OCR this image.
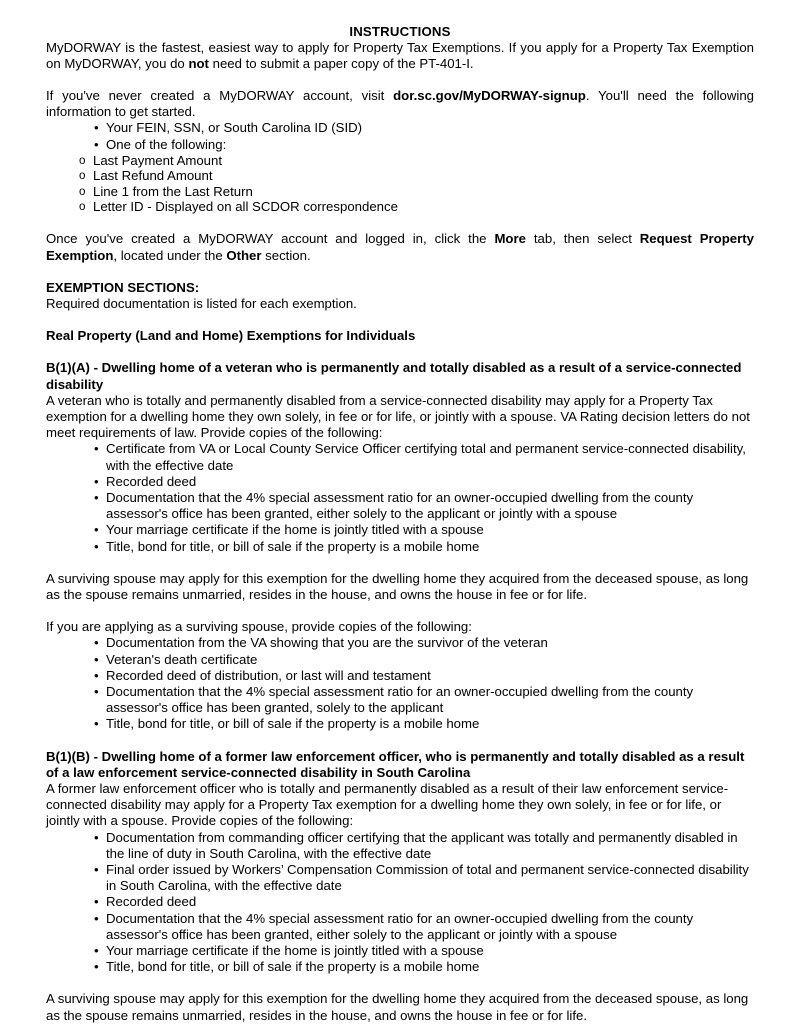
INSTRUCTIONS

MyDORWAY is the fastest, easiest way to apply for Property Tax Exemptions. If you apply for a Property Tax Exemption on MyDORWAY, you do not need to submit a paper copy of the PT-401-I.

If you've never created a MyDORWAY account, visit dor.sc.gov/MyDORWAY-signup. You'll need the following information to get started.

• Your FEIN, SSN, or South Carolina ID (SID)
• One of the following:
o Last Payment Amount
o Last Refund Amount
o Line 1 from the Last Return
o Letter ID - Displayed on all SCDOR correspondence

Once you've created a MyDORWAY account and logged in, click the More tab, then select Request Property Exemption, located under the Other section.

EXEMPTION SECTIONS:

Required documentation is listed for each exemption.

Real Property (Land and Home) Exemptions for Individuals

B(1)(A) - Dwelling home of a veteran who is permanently and totally disabled as a result of a service-connected disability

A veteran who is totally and permanently disabled from a service-connected disability may apply for a Property Tax exemption for a dwelling home they own solely, in fee or for life, or jointly with a spouse. VA Rating decision letters do not meet requirements of law. Provide copies of the following:

• Certificate from VA or Local County Service Officer certifying total and permanent service-connected disability, with the effective date
• Recorded deed
• Documentation that the 4% special assessment ratio for an owner-occupied dwelling from the county assessor's office has been granted, either solely to the applicant or jointly with a spouse
• Your marriage certificate if the home is jointly titled with a spouse
• Title, bond for title, or bill of sale if the property is a mobile home

A surviving spouse may apply for this exemption for the dwelling home they acquired from the deceased spouse, as long as the spouse remains unmarried, resides in the house, and owns the house in fee or for life.

If you are applying as a surviving spouse, provide copies of the following:

• Documentation from the VA showing that you are the survivor of the veteran
• Veteran's death certificate
• Recorded deed of distribution, or last will and testament
• Documentation that the 4% special assessment ratio for an owner-occupied dwelling from the county assessor's office has been granted, solely to the applicant
• Title, bond for title, or bill of sale if the property is a mobile home

B(1)(B) - Dwelling home of a former law enforcement officer, who is permanently and totally disabled as a result of a law enforcement service-connected disability in South Carolina

A former law enforcement officer who is totally and permanently disabled as a result of their law enforcement service-connected disability may apply for a Property Tax exemption for a dwelling home they own solely, in fee or for life, or jointly with a spouse. Provide copies of the following:

• Documentation from commanding officer certifying that the applicant was totally and permanently disabled in the line of duty in South Carolina, with the effective date
• Final order issued by Workers’ Compensation Commission of total and permanent service-connected disability in South Carolina, with the effective date
• Recorded deed
• Documentation that the 4% special assessment ratio for an owner-occupied dwelling from the county assessor's office has been granted, either solely to the applicant or jointly with a spouse
• Your marriage certificate if the home is jointly titled with a spouse
• Title, bond for title, or bill of sale if the property is a mobile home

A surviving spouse may apply for this exemption for the dwelling home they acquired from the deceased spouse, as long as the spouse remains unmarried, resides in the house, and owns the house in fee or for life.
